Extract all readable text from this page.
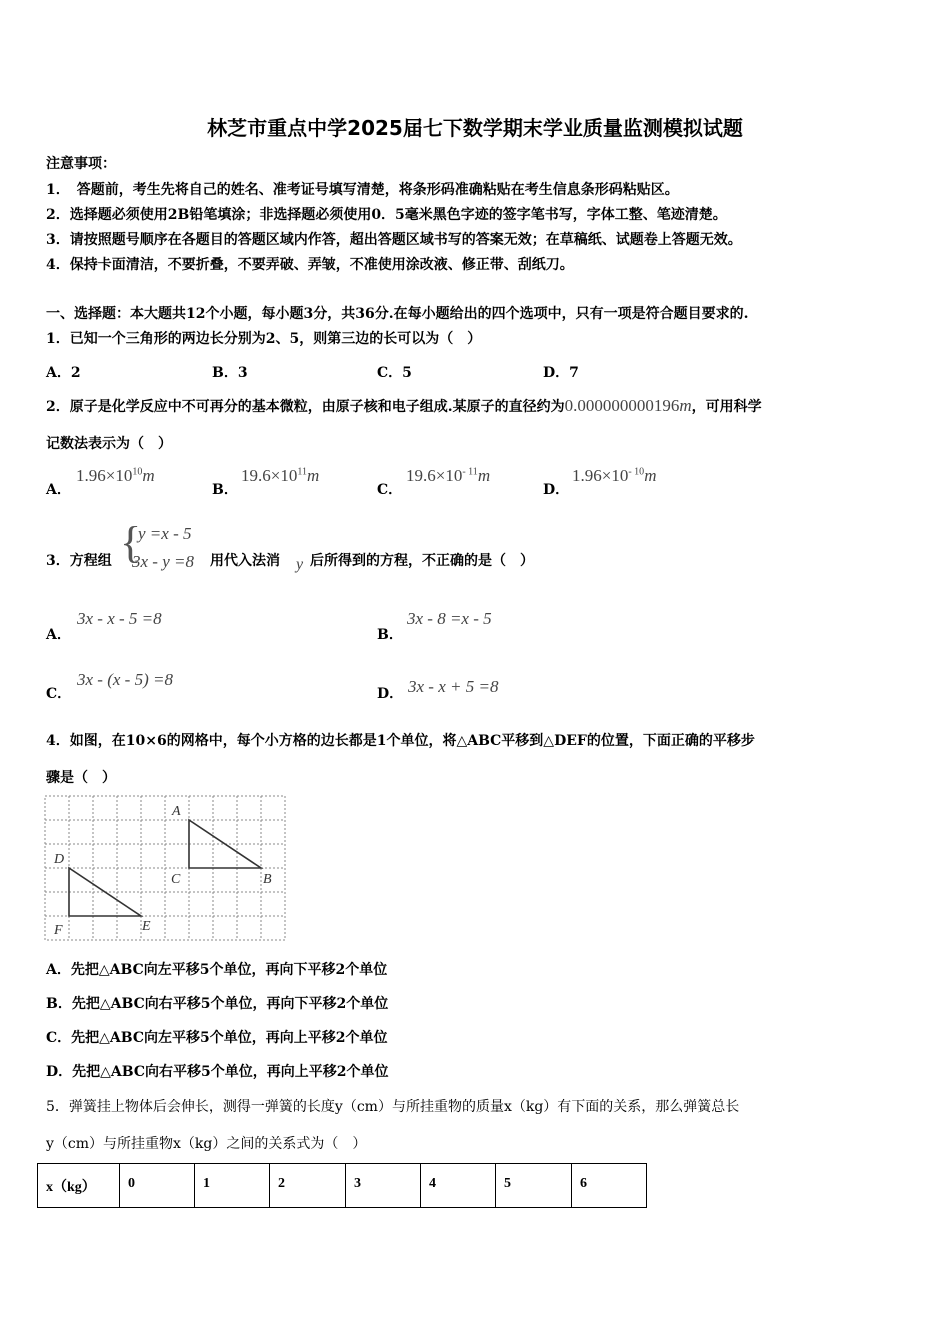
林芝市重点中学2025届七下数学期末学业质量监测模拟试题
注意事项：
1．　答题前，考生先将自己的姓名、准考证号填写清楚，将条形码准确粘贴在考生信息条形码粘贴区。
2．选择题必须使用2B铅笔填涂；非选择题必须使用0．5毫米黑色字迹的签字笔书写，字体工整、笔迹清楚。
3．请按照题号顺序在各题目的答题区域内作答，超出答题区域书写的答案无效；在草稿纸、试题卷上答题无效。
4．保持卡面清洁，不要折叠，不要弄破、弄皱，不准使用涂改液、修正带、刮纸刀。
一、选择题：本大题共12个小题，每小题3分，共36分.在每小题给出的四个选项中，只有一项是符合题目要求的.
1．已知一个三角形的两边长分别为2、5，则第三边的长可以为（　）
A．2	B．3	C．5	D．7
2．原子是化学反应中不可再分的基本微粒，由原子核和电子组成.某原子的直径约为0.000000000196m，可用科学
记数法表示为（　）
A．
$1.96\times 10^{10}m$
B．
$19.6\times 10^{11}m$
C．
$19.6\times 10^{- 11}m$
D．
$1.96\times 10^{- 10}m$
3．方程组 {
y =x - 5
3x - y =8 用代入法消 y 后所得到的方程，不正确的是（　）
A．
3x - x - 5 =8
B．
3x - 8 =x - 5
C．
3x - (x - 5) =8
D． 3x - x + 5 =8
4．如图，在10×6的网格中，每个小方格的边长都是1个单位，将△ABC平移到△DEF的位置，下面正确的平移步
骤是（　）
A
B
C
D
E
F
A．先把△ABC向左平移5个单位，再向下平移2个单位
B．先把△ABC向右平移5个单位，再向下平移2个单位
C．先把△ABC向左平移5个单位，再向上平移2个单位
D．先把△ABC向右平移5个单位，再向上平移2个单位
5．弹簧挂上物体后会伸长，测得一弹簧的长度y（cm）与所挂重物的质量x（kg）有下面的关系，那么弹簧总长
y（cm）与所挂重物x（kg）之间的关系式为（　）
x（kg）	0	1	2	3	4	5	6
